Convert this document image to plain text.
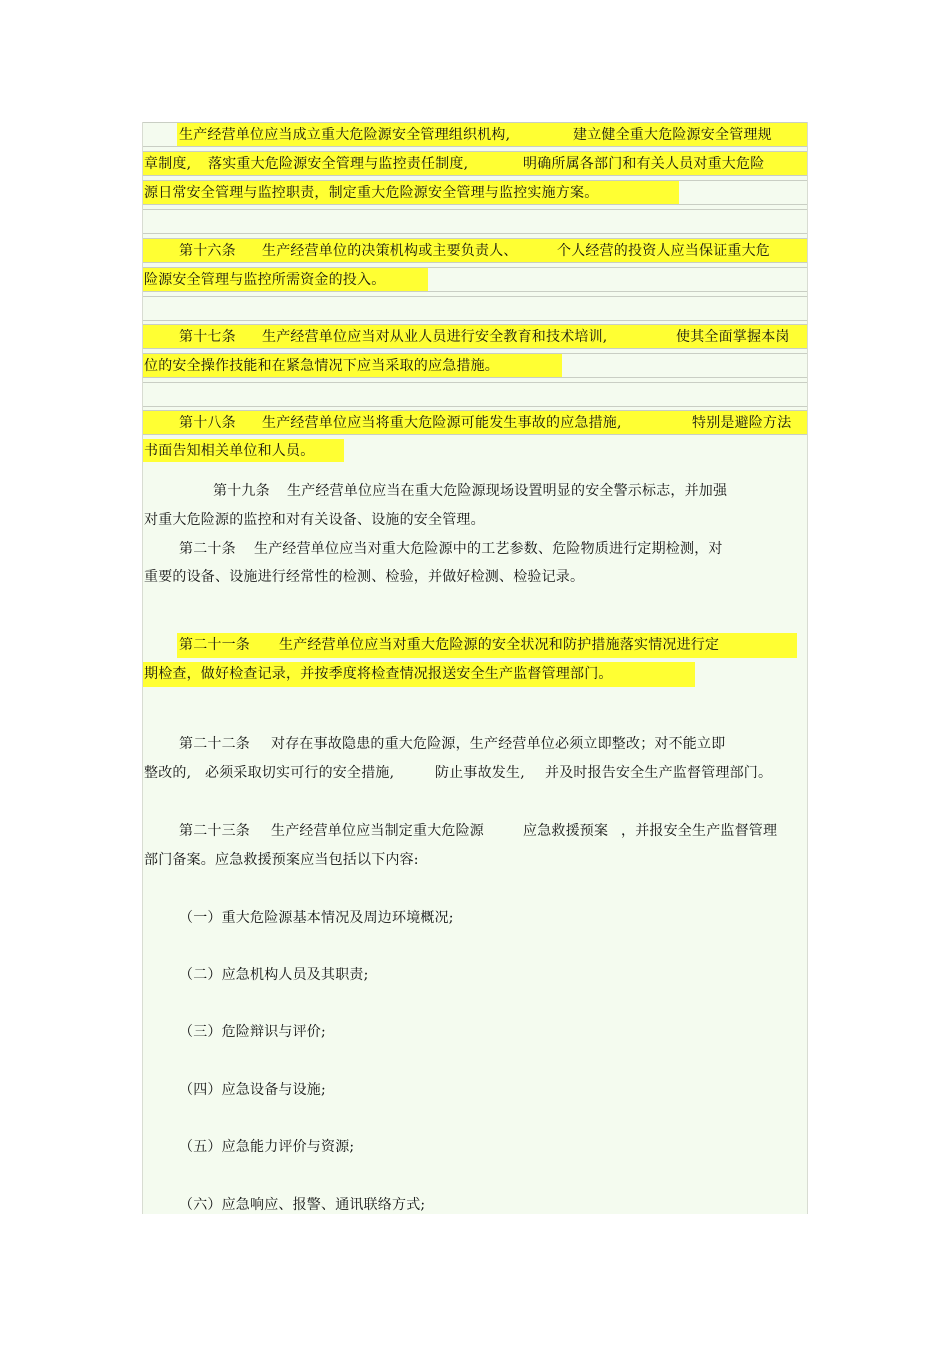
生产经营单位应当成立重大危险源安全管理组织机构,	建立健全重大危险源安全管理规
章制度, 落实重大危险源安全管理与监控责任制度,	明确所属各部门和有关人员对重大危险
源日常安全管理与监控职责，制定重大危险源安全管理与监控实施方案。
第十六条 生产经营单位的决策机构或主要负责人、	个人经营的投资人应当保证重大危
险源安全管理与监控所需资金的投入。
第十七条 生产经营单位应当对从业人员进行安全教育和技术培训,	使其全面掌握本岗
位的安全操作技能和在紧急情况下应当采取的应急措施。
第十八条 生产经营单位应当将重大危险源可能发生事故的应急措施,	特别是避险方法
书面告知相关单位和人员。
第十九条 生产经营单位应当在重大危险源现场设置明显的安全警示标志，并加强
对重大危险源的监控和对有关设备、设施的安全管理。
第二十条 生产经营单位应当对重大危险源中的工艺参数、危险物质进行定期检测，对
重要的设备、设施进行经常性的检测、检验，并做好检测、检验记录。
第二十一条 生产经营单位应当对重大危险源的安全状况和防护措施落实情况进行定
期检查，做好检查记录，并按季度将检查情况报送安全生产监督管理部门。
第二十二条 对存在事故隐患的重大危险源，生产经营单位必须立即整改；对不能立即
整改的, 必须采取切实可行的安全措施,	防止事故发生, 并及时报告安全生产监督管理部门。
第二十三条 生产经营单位应当制定重大危险源	应急救援预案 ，并报安全生产监督管理
部门备案。应急救援预案应当包括以下内容:
（一）重大危险源基本情况及周边环境概况;
（二）应急机构人员及其职责;
（三）危险辩识与评价;
（四）应急设备与设施;
（五）应急能力评价与资源;
（六）应急响应、报警、通讯联络方式;
